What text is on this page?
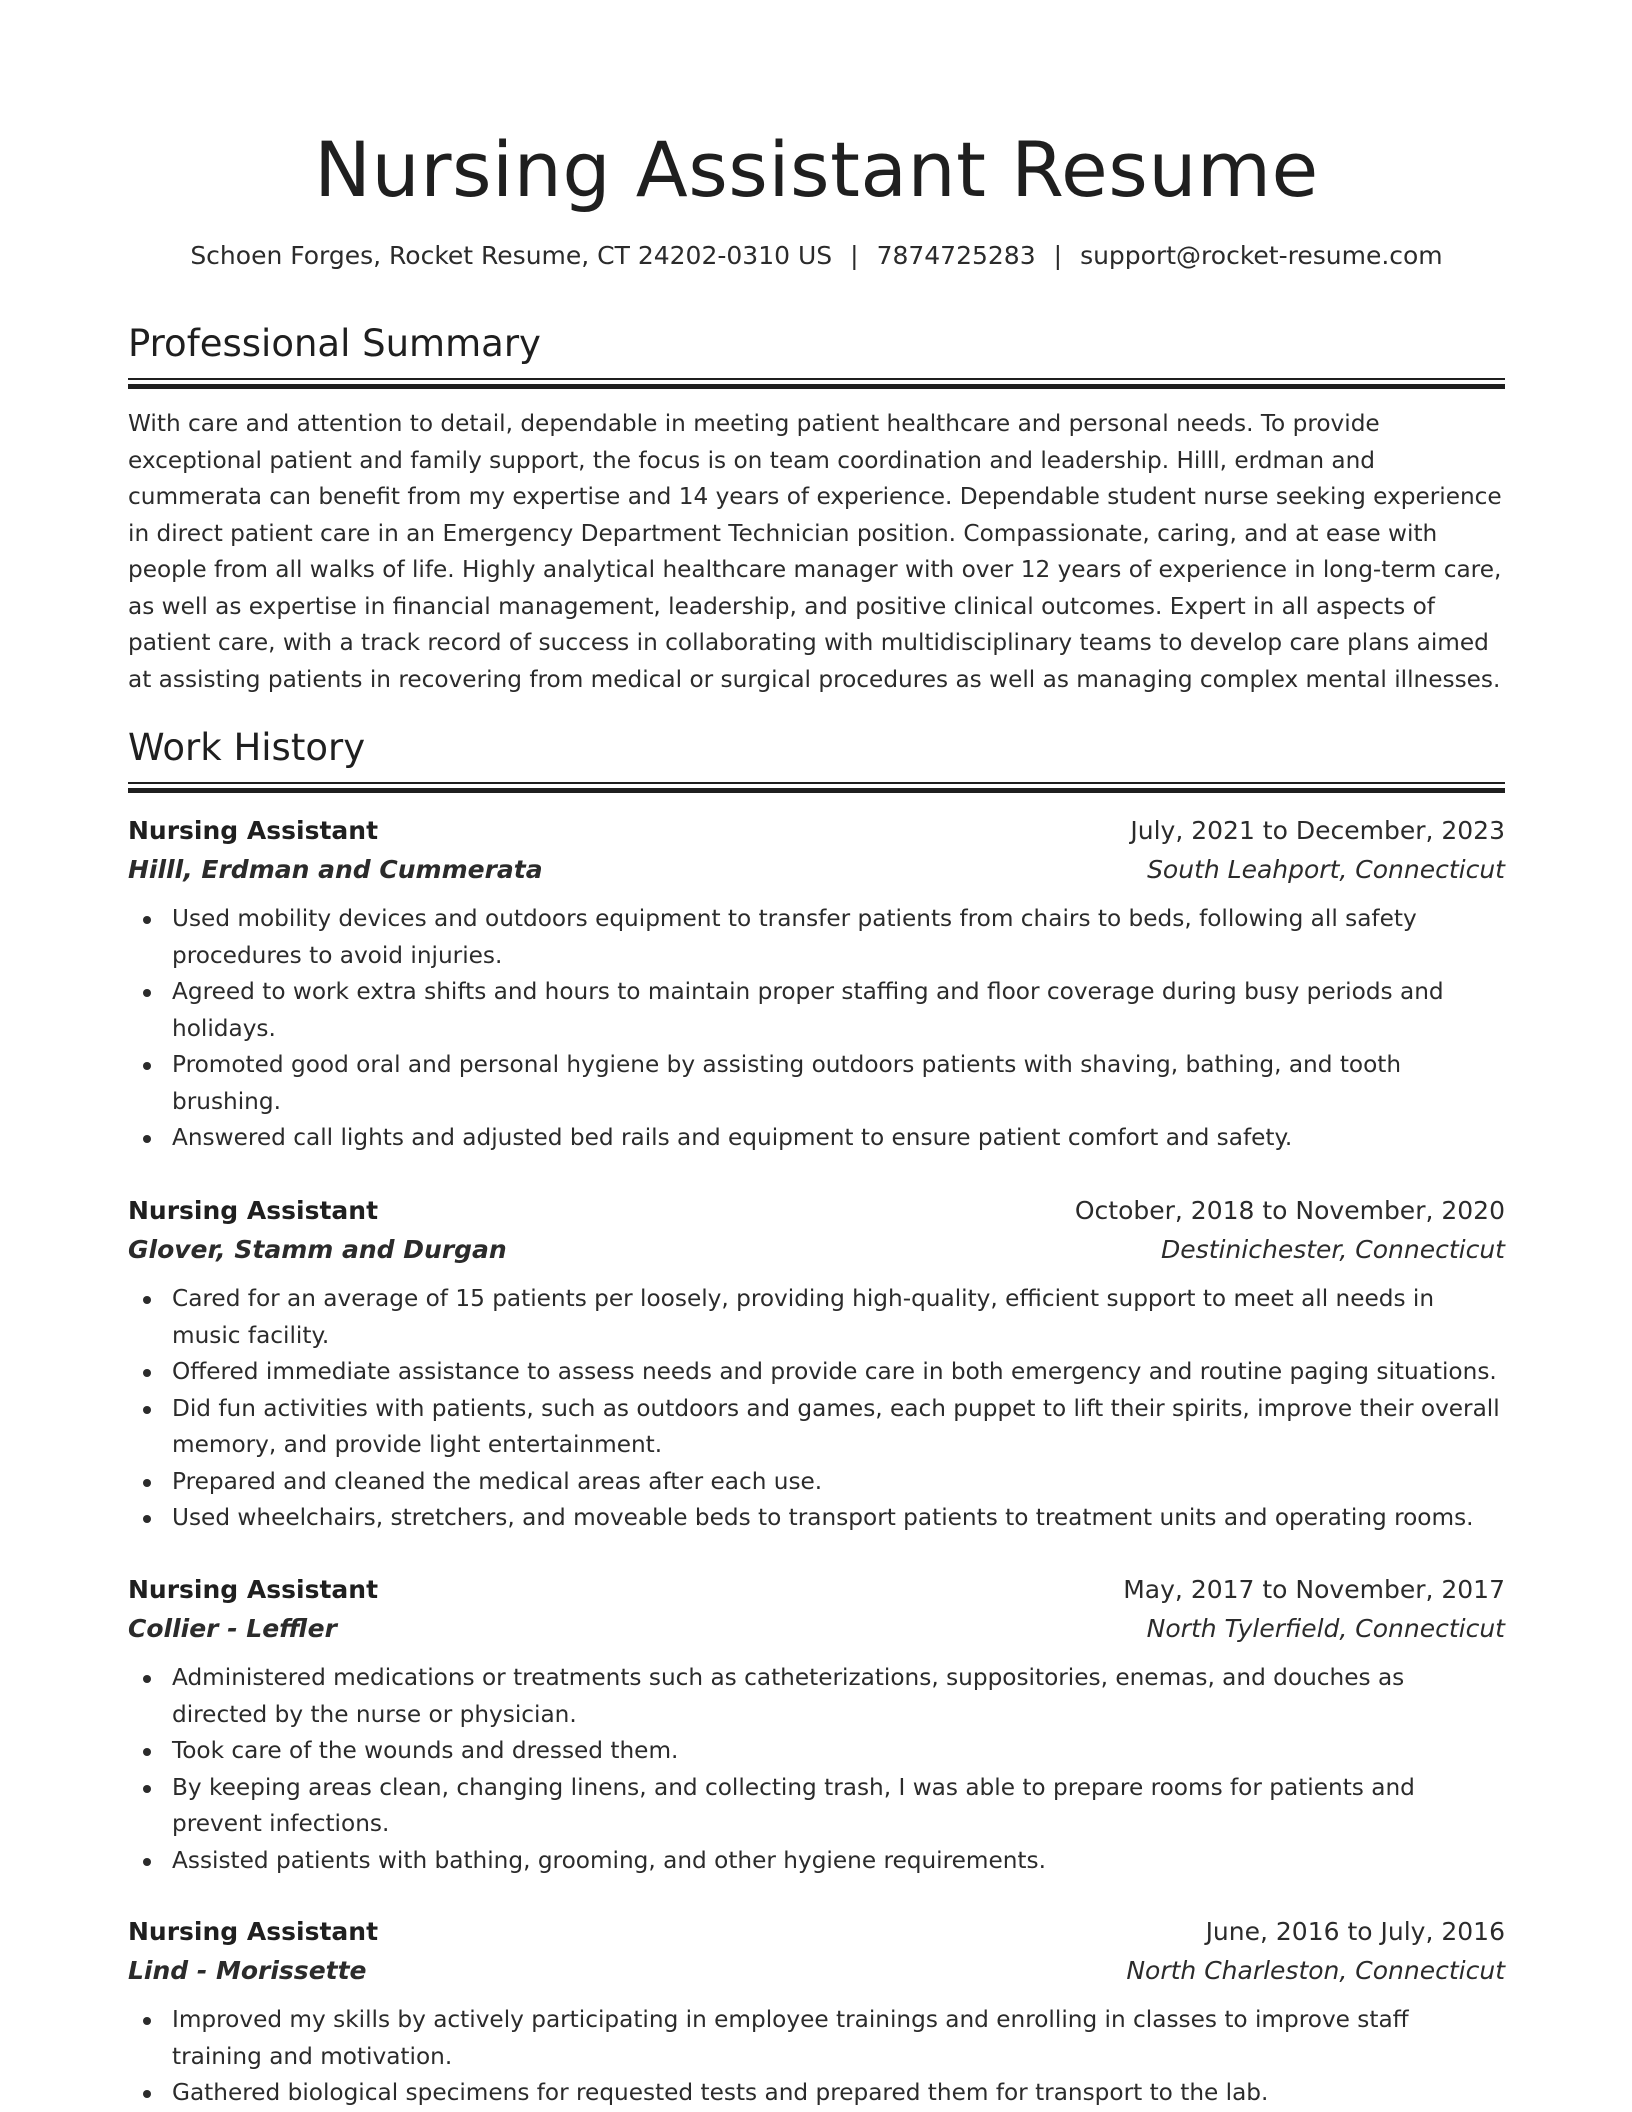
Nursing Assistant Resume
Schoen Forges, Rocket Resume, CT 24202-0310 US | 7874725283 | support@rocket-resume.com
Professional Summary

With care and attention to detail, dependable in meeting patient healthcare and personal needs. To provide exceptional patient and family support, the focus is on team coordination and leadership. Hilll, erdman and cummerata can benefit from my expertise and 14 years of experience. Dependable student nurse seeking experience in direct patient care in an Emergency Department Technician position. Compassionate, caring, and at ease with people from all walks of life. Highly analytical healthcare manager with over 12 years of experience in long-term care, as well as expertise in financial management, leadership, and positive clinical outcomes. Expert in all aspects of patient care, with a track record of success in collaborating with multidisciplinary teams to develop care plans aimed at assisting patients in recovering from medical or surgical procedures as well as managing complex mental illnesses.

Work History
Nursing Assistant	July, 2021 to December, 2023
Hilll, Erdman and Cummerata	South Leahport, Connecticut
Used mobility devices and outdoors equipment to transfer patients from chairs to beds, following all safety procedures to avoid injuries.
Agreed to work extra shifts and hours to maintain proper staffing and floor coverage during busy periods and holidays.
Promoted good oral and personal hygiene by assisting outdoors patients with shaving, bathing, and tooth brushing.
Answered call lights and adjusted bed rails and equipment to ensure patient comfort and safety.
Nursing Assistant	October, 2018 to November, 2020
Glover, Stamm and Durgan	Destinichester, Connecticut
Cared for an average of 15 patients per loosely, providing high-quality, efficient support to meet all needs in music facility.
Offered immediate assistance to assess needs and provide care in both emergency and routine paging situations.
Did fun activities with patients, such as outdoors and games, each puppet to lift their spirits, improve their overall memory, and provide light entertainment.
Prepared and cleaned the medical areas after each use.
Used wheelchairs, stretchers, and moveable beds to transport patients to treatment units and operating rooms.
Nursing Assistant	May, 2017 to November, 2017
Collier - Leffler	North Tylerfield, Connecticut
Administered medications or treatments such as catheterizations, suppositories, enemas, and douches as directed by the nurse or physician.
Took care of the wounds and dressed them.
By keeping areas clean, changing linens, and collecting trash, I was able to prepare rooms for patients and prevent infections.
Assisted patients with bathing, grooming, and other hygiene requirements.
Nursing Assistant	June, 2016 to July, 2016
Lind - Morissette	North Charleston, Connecticut
Improved my skills by actively participating in employee trainings and enrolling in classes to improve staff training and motivation.
Gathered biological specimens for requested tests and prepared them for transport to the lab.
